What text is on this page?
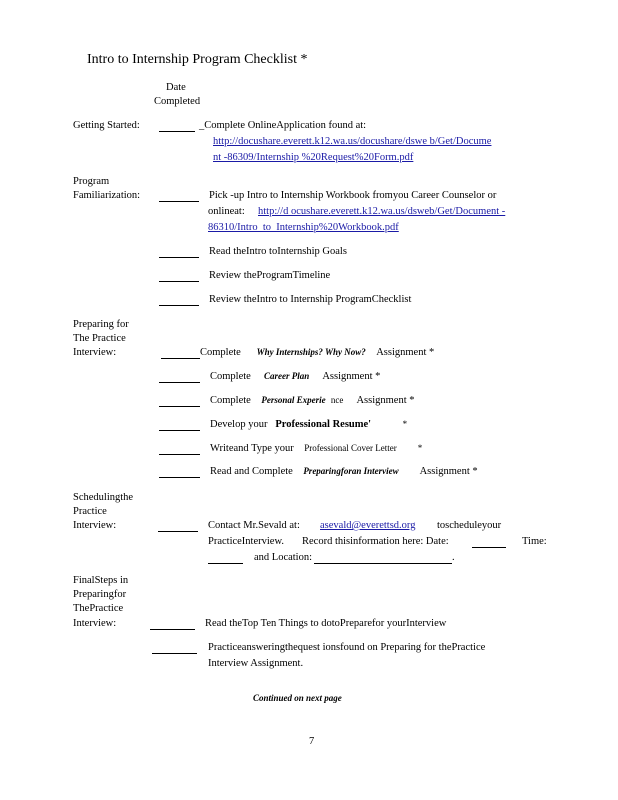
Intro to Internship Program Checklist *
Date
Completed
Getting Started:	_Complete OnlineApplication found at:
http://docushare.everett.k12.wa.us/docushare/dswe b/Get/Docume
nt -86309/Internship %20Request%20Form.pdf
Program
Familiarization:	Pick -up Intro to Internship Workbook fromyou Career Counselor or
onlineat: http://d ocushare.everett.k12.wa.us/dsweb/Get/Document -
86310/Intro_to_Internship%20Workbook.pdf
Read theIntro toInternship Goals
Review theProgramTimeline
Review theIntro to Internship ProgramChecklist
Preparing for
The Practice
Interview:	Complete Why Internships? Why Now? Assignment *
Complete Career Plan Assignment *
Complete Personal Experie nce Assignment *
Develop your Professional Resume'	*
Writeand Type your Professional Cover Letter *
Read and Complete Preparingforan Interview Assignment *
Schedulingthe
Practice
Interview:	Contact Mr.Sevald at: asevald@everettsd.org	toscheduleyour
PracticeInterview. Record thisinformation here: Date:	Time:
and Location:	.
FinalSteps in
Preparingfor
ThePractice
Interview:	Read theTop Ten Things to dotoPreparefor yourInterview
Practiceansweringthequest ionsfound on Preparing for thePractice
Interview Assignment.
Continued on next page
7
